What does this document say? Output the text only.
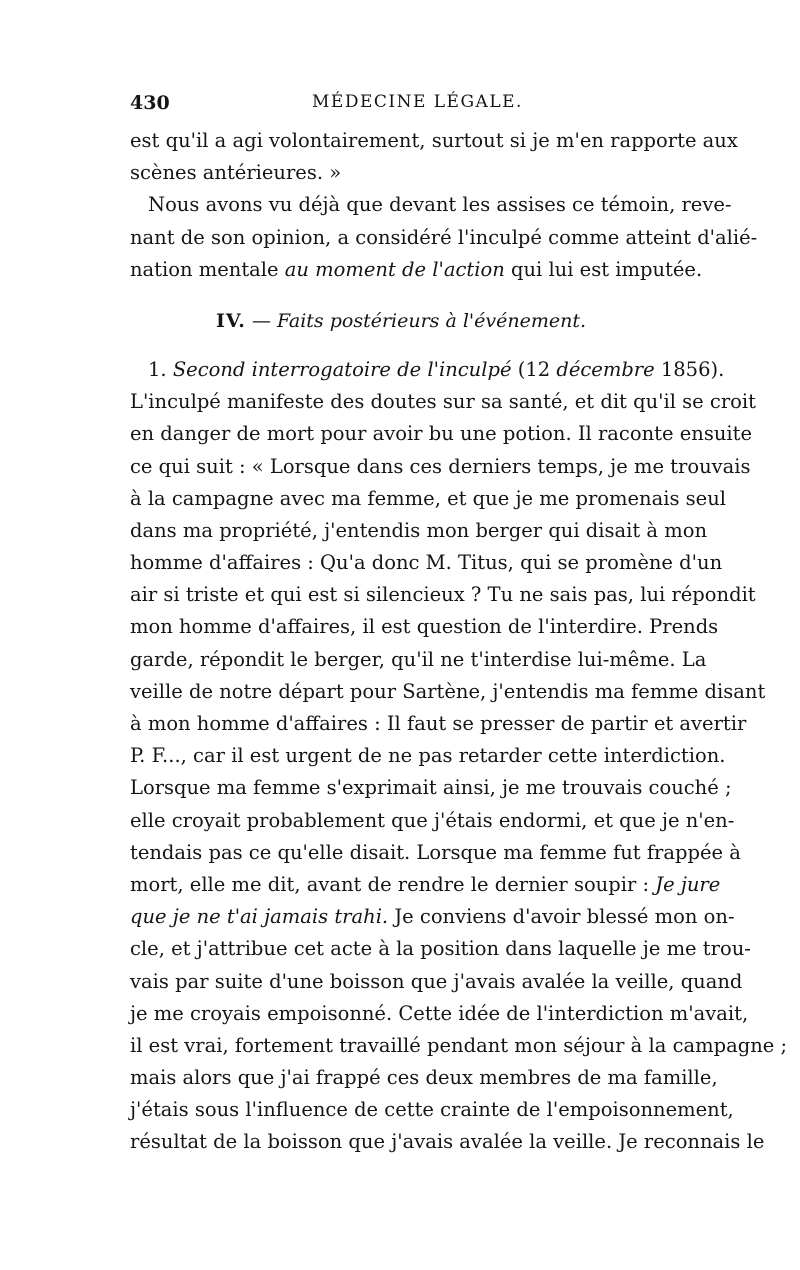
430	MÉDECINE LÉGALE.
est qu'il a agi volontairement, surtout si je m'en rapporte aux
scènes antérieures. »
Nous avons vu déjà que devant les assises ce témoin, reve-
nant de son opinion, a considéré l'inculpé comme atteint d'alié-
nation mentale au moment de l'action qui lui est imputée.
IV. — Faits postérieurs à l'événement.
1. Second interrogatoire de l'inculpé (12 décembre 1856).
L'inculpé manifeste des doutes sur sa santé, et dit qu'il se croit
en danger de mort pour avoir bu une potion. Il raconte ensuite
ce qui suit : « Lorsque dans ces derniers temps, je me trouvais
à la campagne avec ma femme, et que je me promenais seul
dans ma propriété, j'entendis mon berger qui disait à mon
homme d'affaires : Qu'a donc M. Titus, qui se promène d'un
air si triste et qui est si silencieux ? Tu ne sais pas, lui répondit
mon homme d'affaires, il est question de l'interdire. Prends
garde, répondit le berger, qu'il ne t'interdise lui-même. La
veille de notre départ pour Sartène, j'entendis ma femme disant
à mon homme d'affaires : Il faut se presser de partir et avertir
P. F..., car il est urgent de ne pas retarder cette interdiction.
Lorsque ma femme s'exprimait ainsi, je me trouvais couché ;
elle croyait probablement que j'étais endormi, et que je n'en-
tendais pas ce qu'elle disait. Lorsque ma femme fut frappée à
mort, elle me dit, avant de rendre le dernier soupir : Je jure
que je ne t'ai jamais trahi. Je conviens d'avoir blessé mon on-
cle, et j'attribue cet acte à la position dans laquelle je me trou-
vais par suite d'une boisson que j'avais avalée la veille, quand
je me croyais empoisonné. Cette idée de l'interdiction m'avait,
il est vrai, fortement travaillé pendant mon séjour à la campagne ;
mais alors que j'ai frappé ces deux membres de ma famille,
j'étais sous l'influence de cette crainte de l'empoisonnement,
résultat de la boisson que j'avais avalée la veille. Je reconnais le
